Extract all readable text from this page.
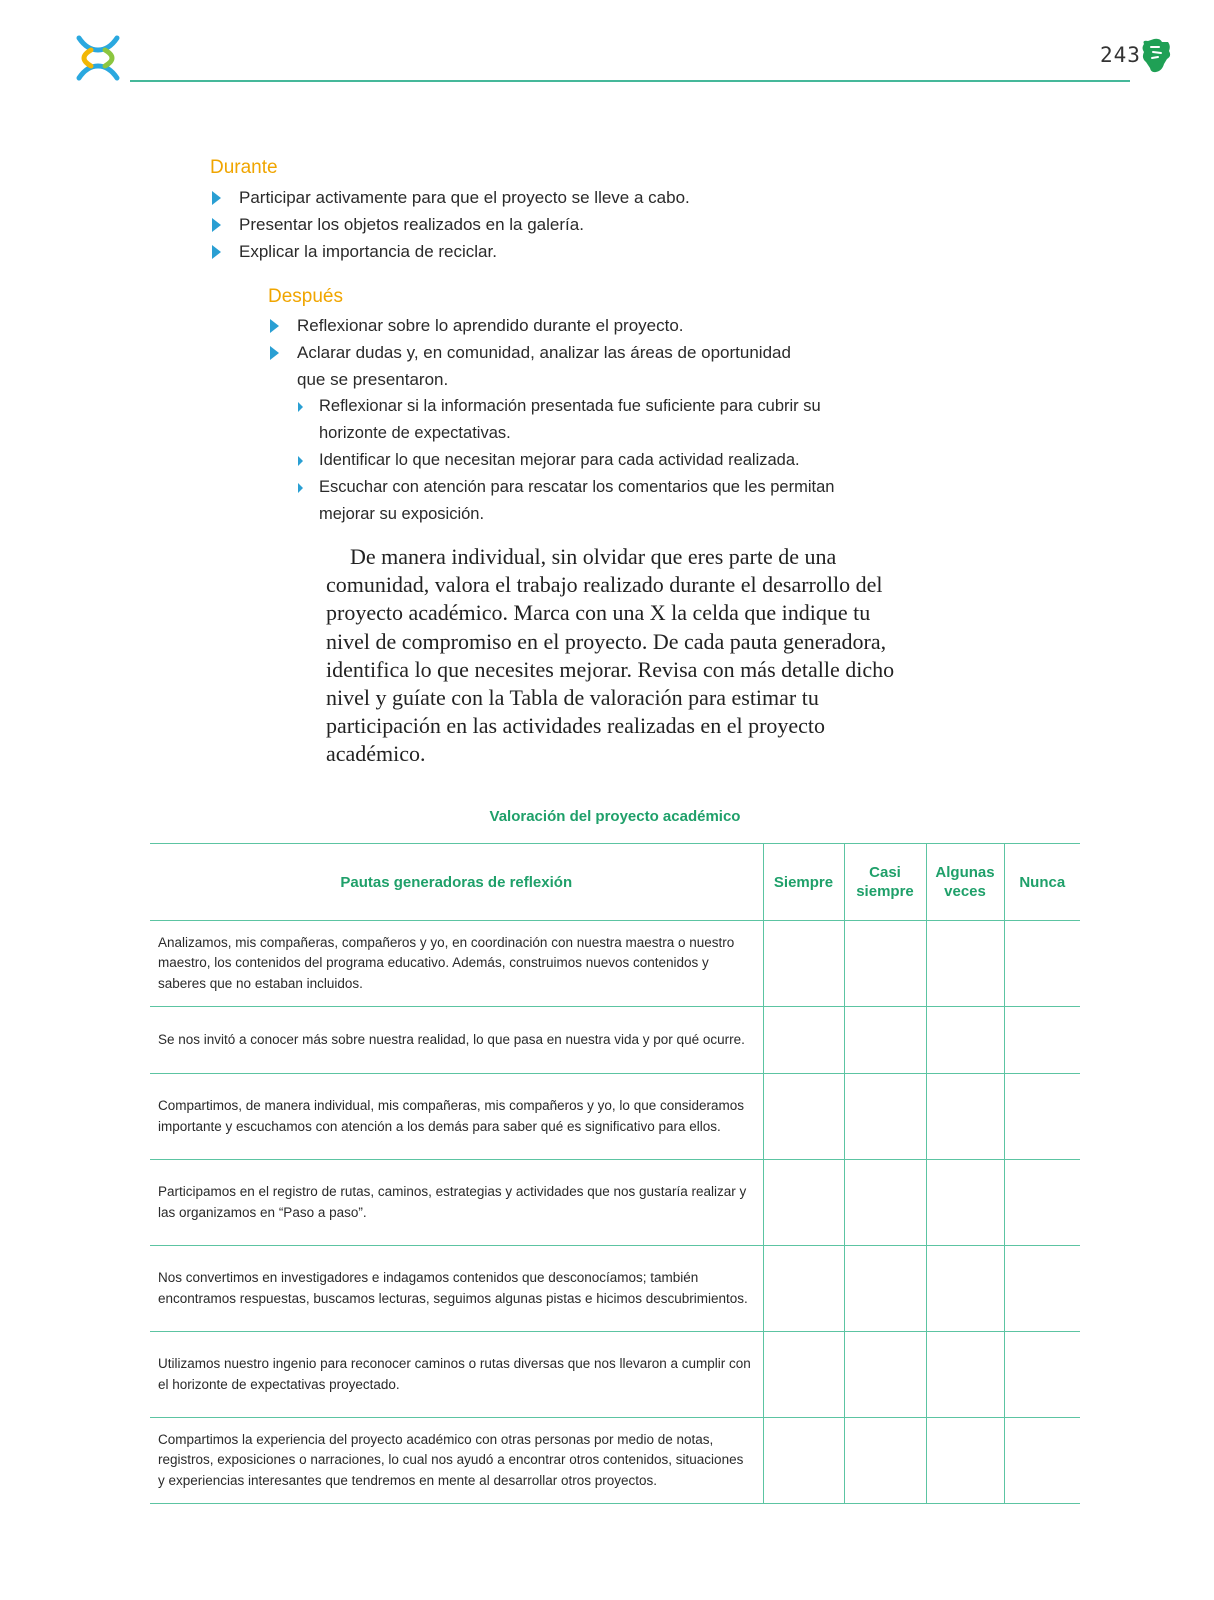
243
Durante
Participar activamente para que el proyecto se lleve a cabo.
Presentar los objetos realizados en la galería.
Explicar la importancia de reciclar.
Después
Reflexionar sobre lo aprendido durante el proyecto.
Aclarar dudas y, en comunidad, analizar las áreas de oportunidad que se presentaron.
Reflexionar si la información presentada fue suficiente para cubrir su horizonte de expectativas.
Identificar lo que necesitan mejorar para cada actividad realizada.
Escuchar con atención para rescatar los comentarios que les permitan mejorar su exposición.

De manera individual, sin olvidar que eres parte de una comunidad, valora el trabajo realizado durante el desarrollo del proyecto académico. Marca con una X la celda que indique tu nivel de compromiso en el proyecto. De cada pauta generadora, identifica lo que necesites mejorar. Revisa con más detalle dicho nivel y guíate con la Tabla de valoración para estimar tu participación en las actividades realizadas en el proyecto académico.

Valoración del proyecto académico
Pautas generadoras de reflexión	Siempre	Casi siempre	Algunas veces	Nunca
Analizamos, mis compañeras, compañeros y yo, en coordinación con nuestra maestra o nuestro maestro, los contenidos del programa educativo. Además, construimos nuevos contenidos y saberes que no estaban incluidos.				
Se nos invitó a conocer más sobre nuestra realidad, lo que pasa en nuestra vida y por qué ocurre.				
Compartimos, de manera individual, mis compañeras, mis compañeros y yo, lo que consideramos importante y escuchamos con atención a los demás para saber qué es significativo para ellos.				
Participamos en el registro de rutas, caminos, estrategias y actividades que nos gustaría realizar y las organizamos en “Paso a paso”.				
Nos convertimos en investigadores e indagamos contenidos que desconocíamos; también encontramos respuestas, buscamos lecturas, seguimos algunas pistas e hicimos descubrimientos.				
Utilizamos nuestro ingenio para reconocer caminos o rutas diversas que nos llevaron a cumplir con el horizonte de expectativas proyectado.				
Compartimos la experiencia del proyecto académico con otras personas por medio de notas, registros, exposiciones o narraciones, lo cual nos ayudó a encontrar otros contenidos, situaciones y experiencias interesantes que tendremos en mente al desarrollar otros proyectos.				
